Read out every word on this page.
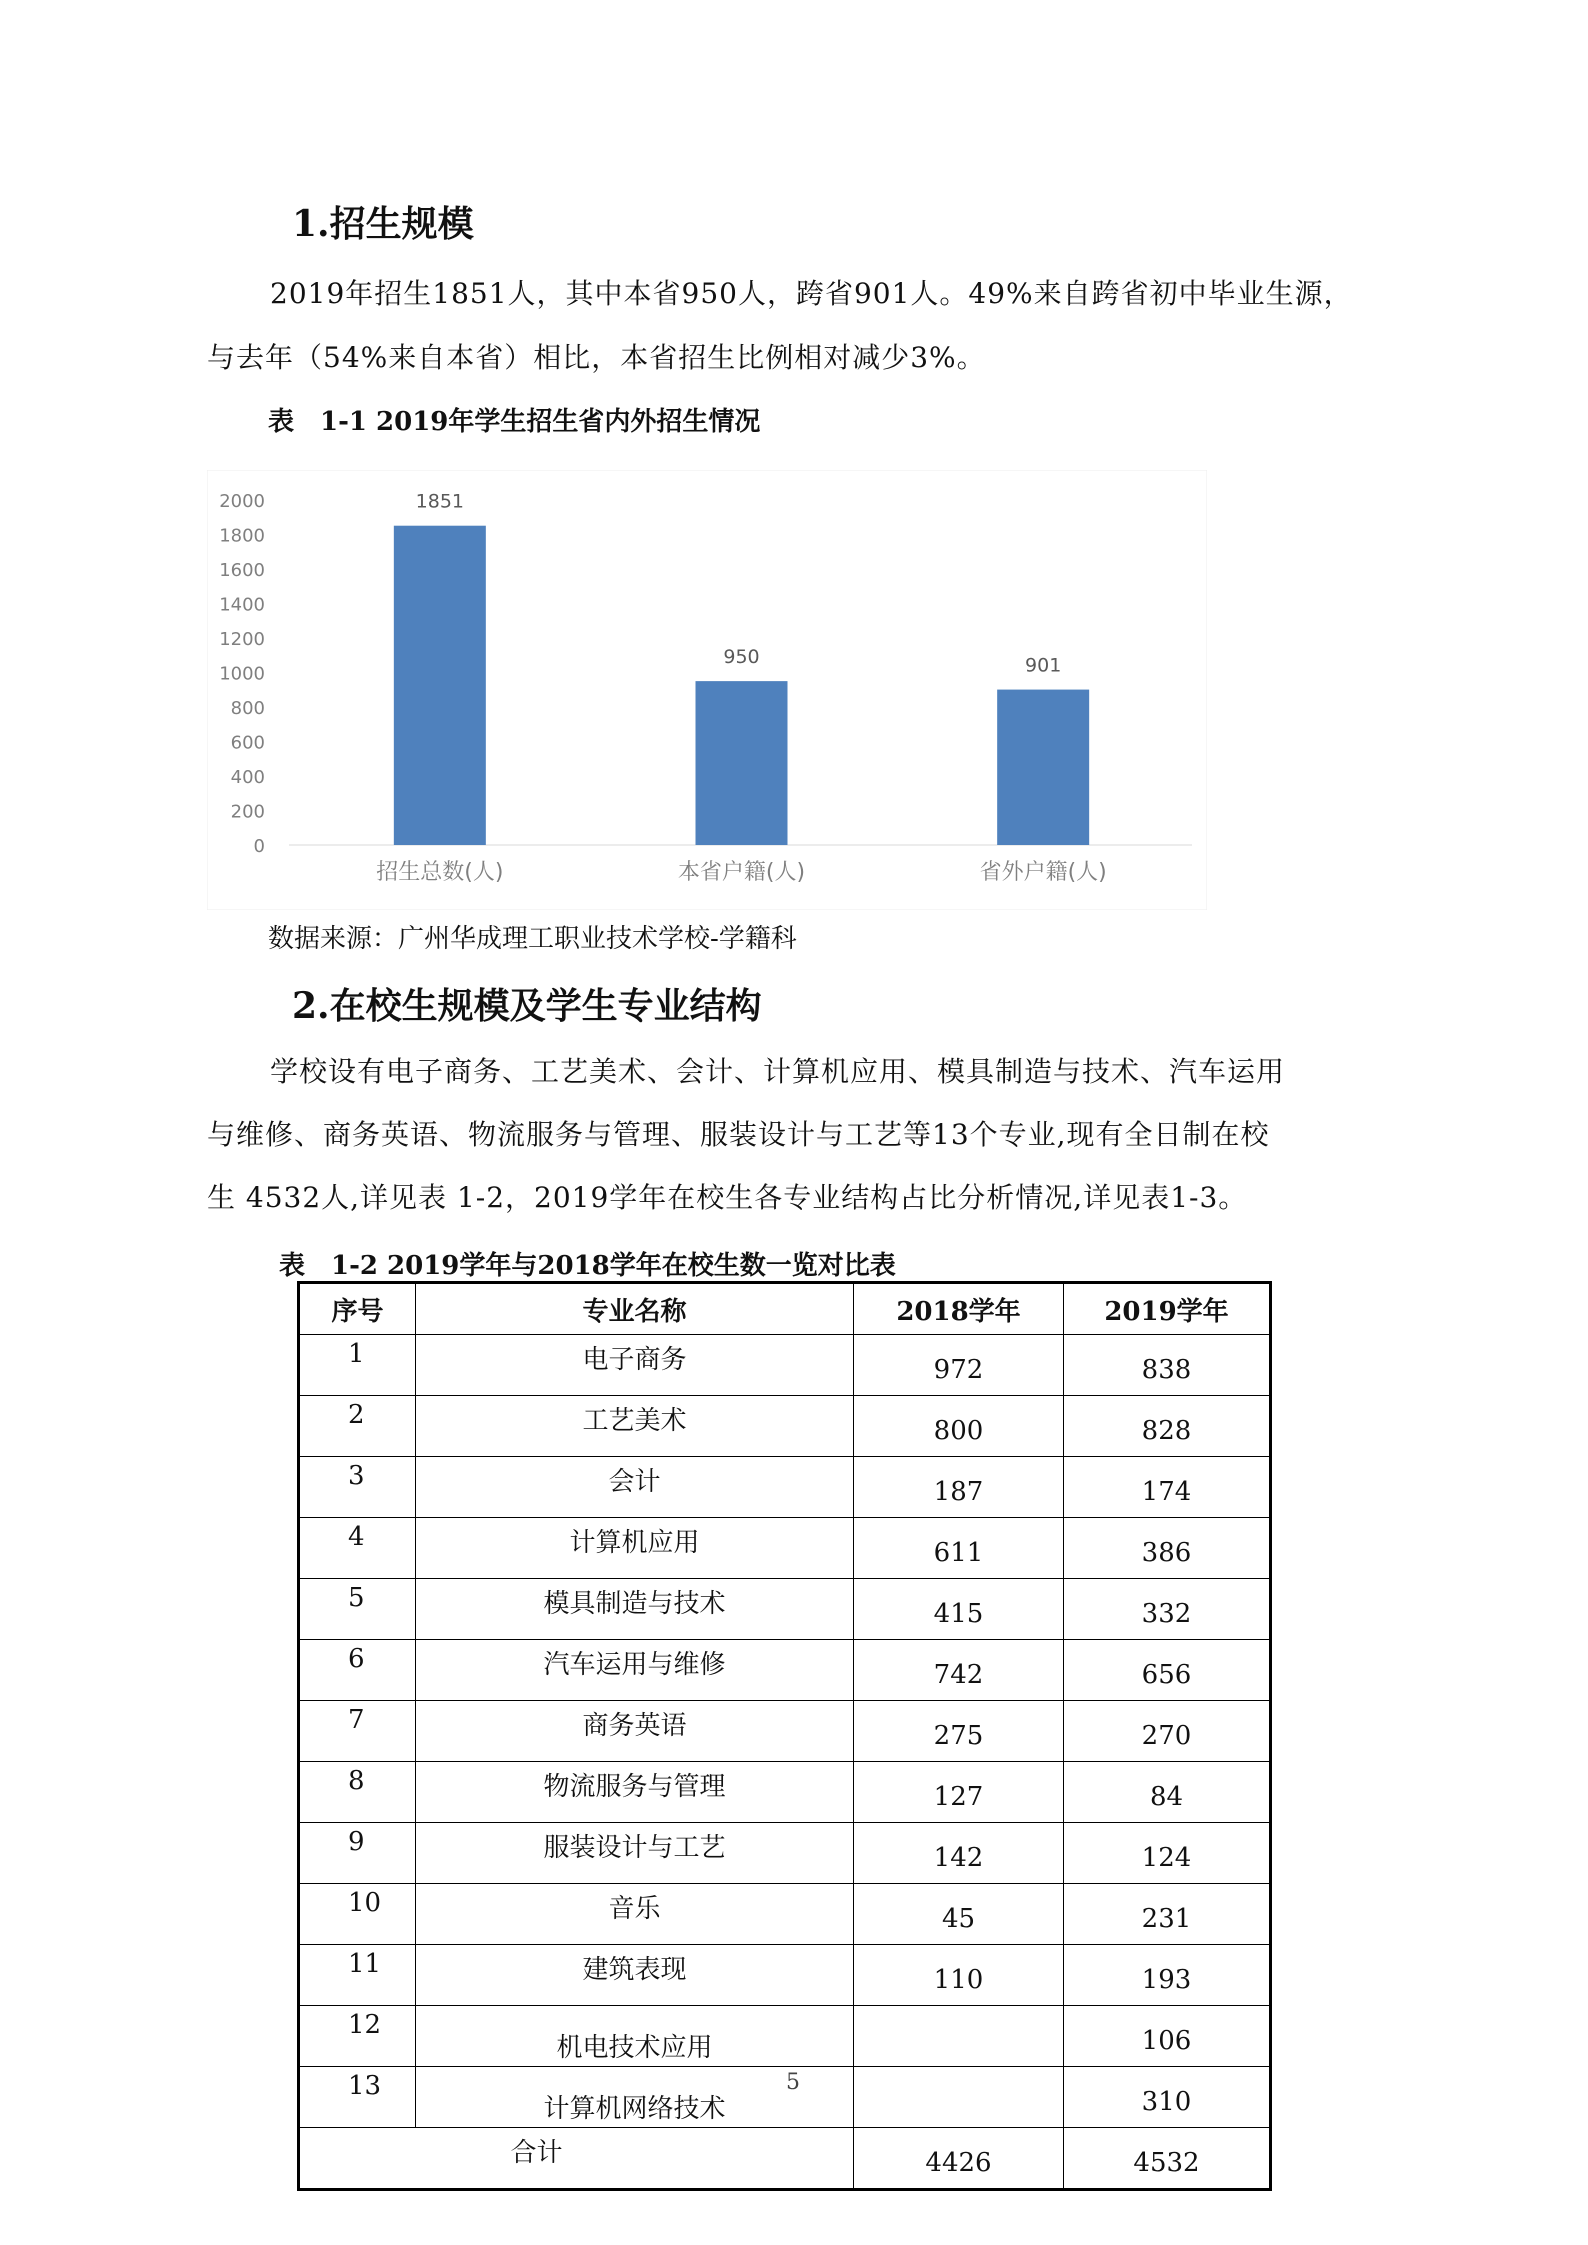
1.招生规模
2019年招生1851人，其中本省950人，跨省901人。49%来自跨省初中毕业生源，
与去年（54%来自本省）相比，本省招生比例相对减少3%。
表　1-1 2019年学生招生省内外招生情况
0
200
400
600
800
1000
1200
1400
1600
1800
2000	1851
招生总数(人)
950
本省户籍(人)
901
省外户籍(人)
数据来源：广州华成理工职业技术学校-学籍科
2.在校生规模及学生专业结构
学校设有电子商务、工艺美术、会计、计算机应用、模具制造与技术、汽车运用
与维修、商务英语、物流服务与管理、服装设计与工艺等13个专业,现有全日制在校
生 4532人,详见表 1-2，2019学年在校生各专业结构占比分析情况,详见表1-3。
表　1-2 2019学年与2018学年在校生数一览对比表
序号	专业名称	2018学年	2019学年
1	电子商务	972	838
2	工艺美术	800	828
3	会计	187	174
4	计算机应用	611	386
5	模具制造与技术	415	332
6	汽车运用与维修	742	656
7	商务英语	275	270
8	物流服务与管理	127	84
9	服装设计与工艺	142	124
10	音乐	45	231
11	建筑表现	110	193
12	机电技术应用		106
13	计算机网络技术		310
合计		4426	4532
5
